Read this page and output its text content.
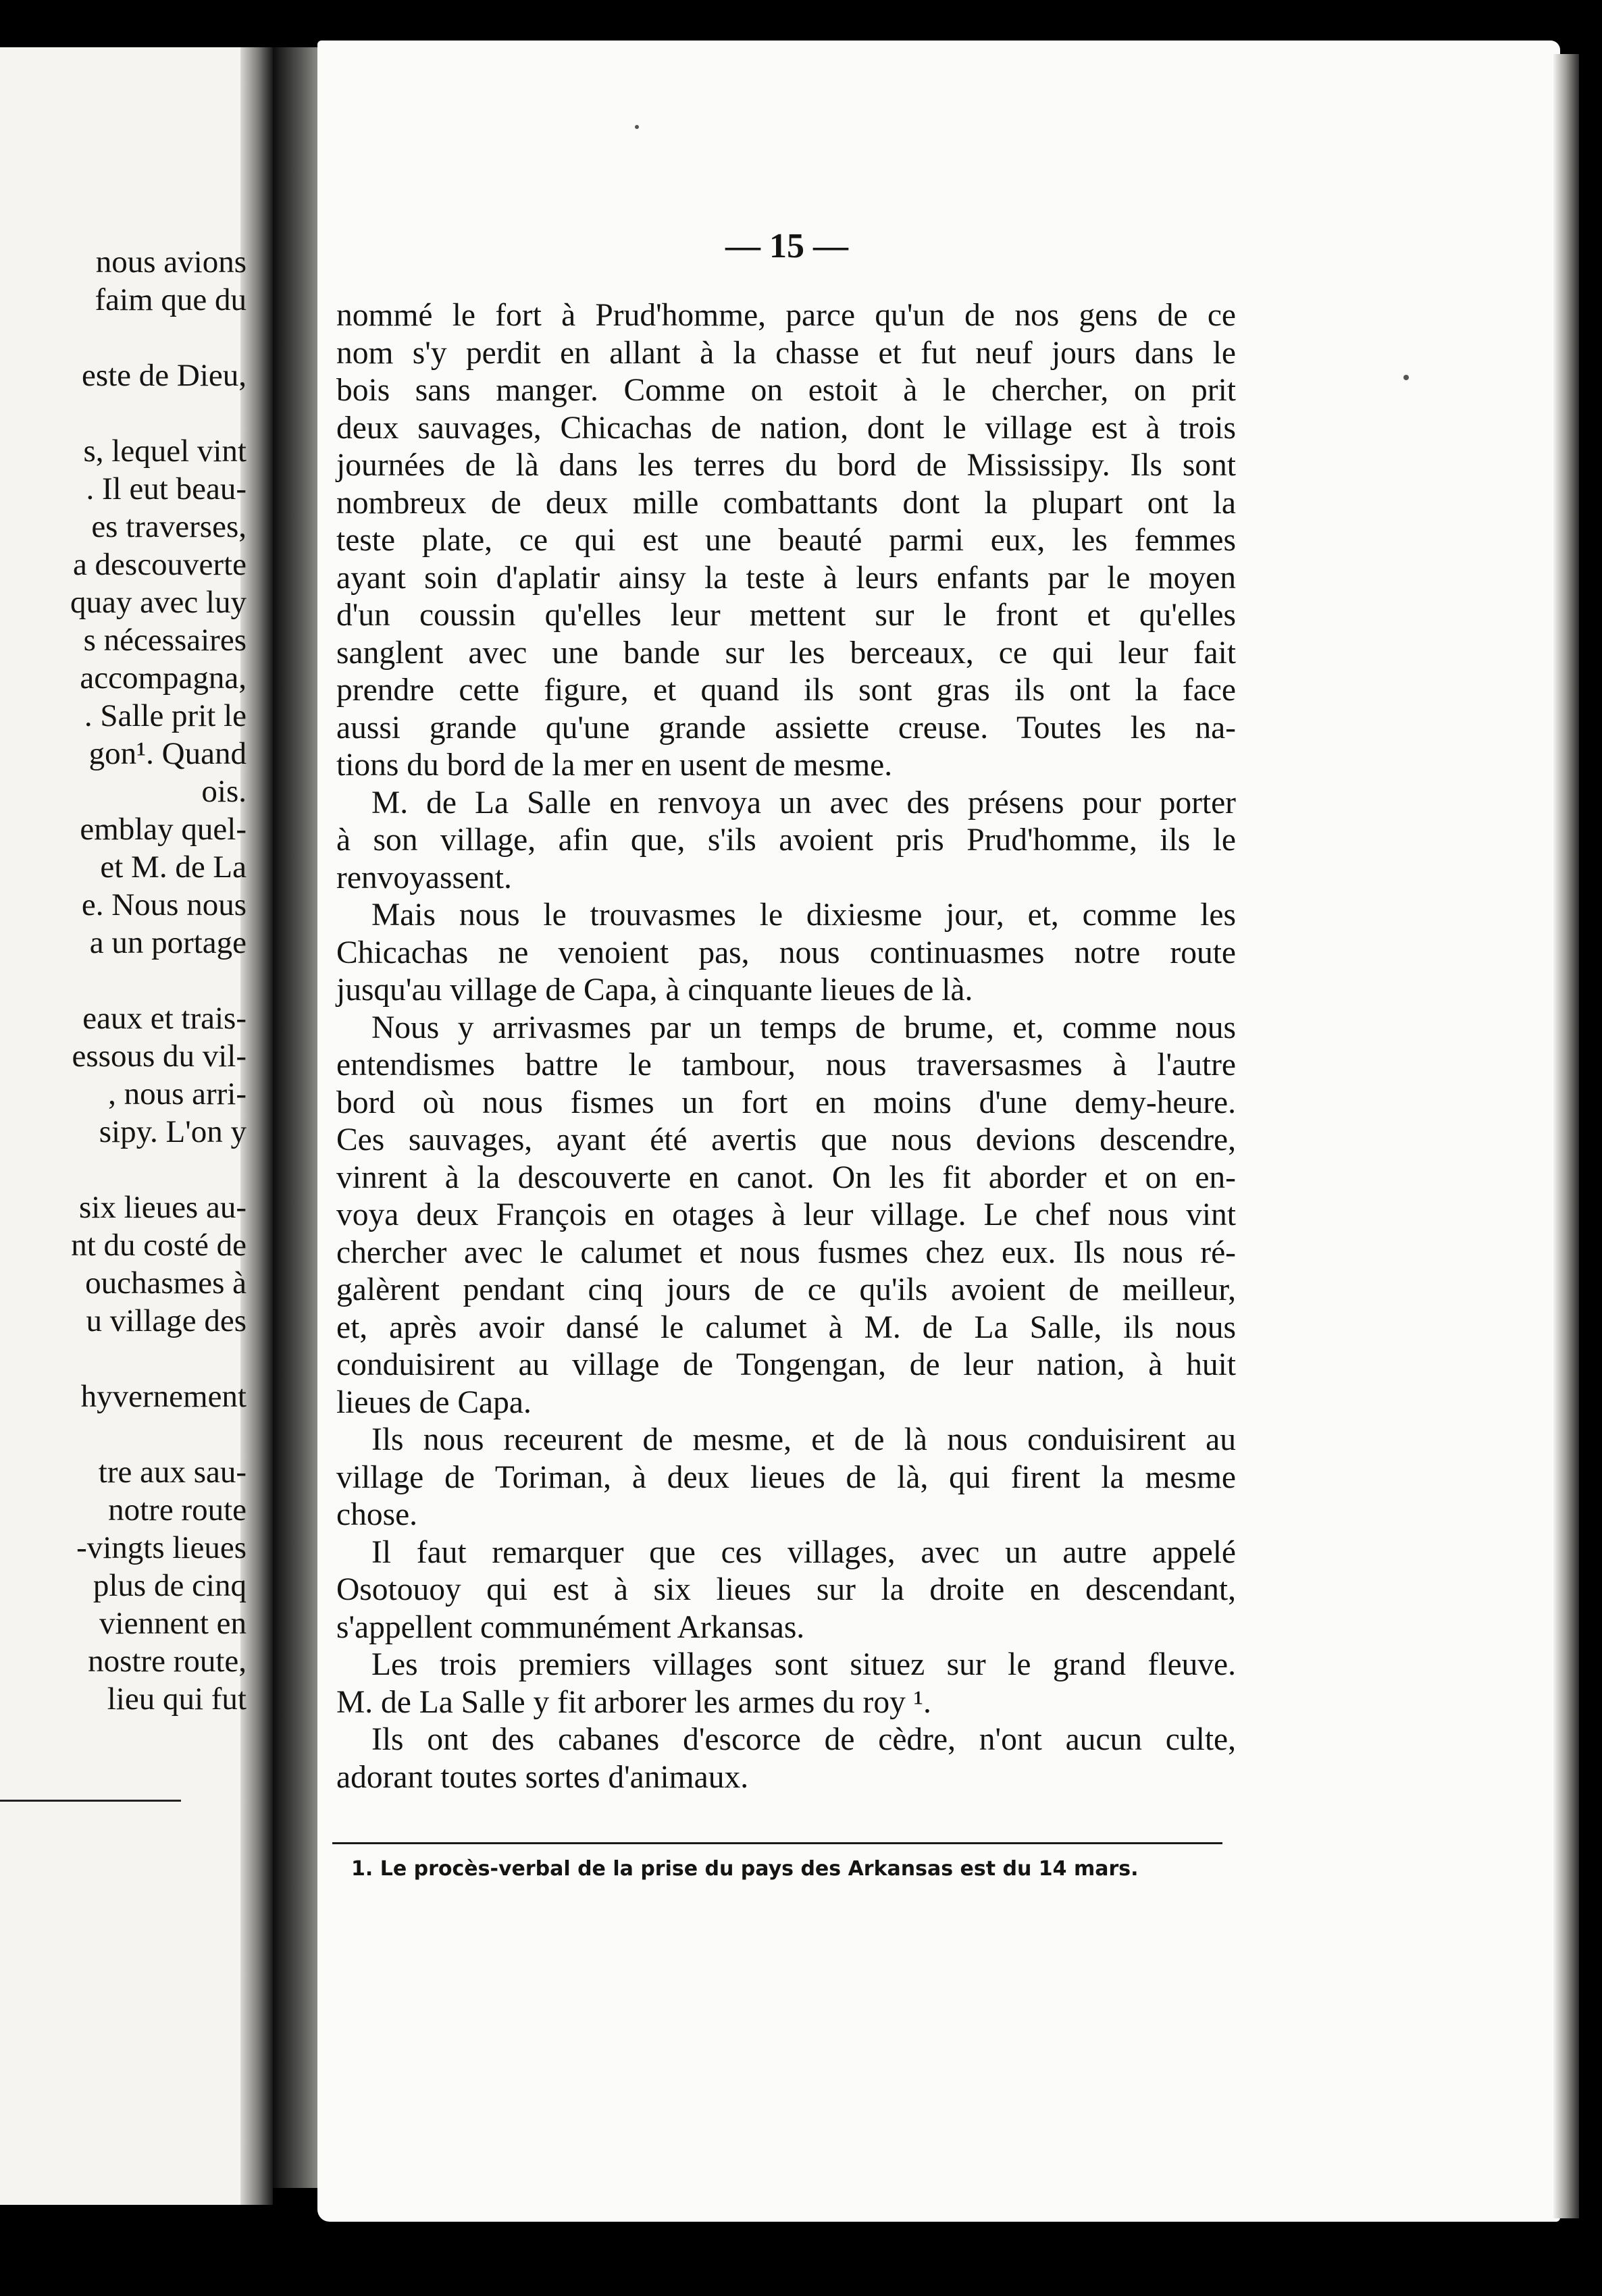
nous avions
faim que du
este de Dieu,
s, lequel vint
. Il eut beau-
es traverses,
a descouverte
quay avec luy
s nécessaires
accompagna,
. Salle prit le
gon¹. Quand
ois.
emblay quel-
et M. de La
e. Nous nous
a un portage
eaux et trais-
essous du vil-
, nous arri-
sipy. L'on y
six lieues au-
nt du costé de
ouchasmes à
u village des
hyvernement
tre aux sau-
notre route
-vingts lieues
plus de cinq
viennent en
nostre route,
lieu qui fut
— 15 —
nommé le fort à Prud'homme, parce qu'un de nos gens de ce
nom s'y perdit en allant à la chasse et fut neuf jours dans le
bois sans manger. Comme on estoit à le chercher, on prit
deux sauvages, Chicachas de nation, dont le village est à trois
journées de là dans les terres du bord de Mississipy. Ils sont
nombreux de deux mille combattants dont la plupart ont la
teste plate, ce qui est une beauté parmi eux, les femmes
ayant soin d'aplatir ainsy la teste à leurs enfants par le moyen
d'un coussin qu'elles leur mettent sur le front et qu'elles
sanglent avec une bande sur les berceaux, ce qui leur fait
prendre cette figure, et quand ils sont gras ils ont la face
aussi grande qu'une grande assiette creuse. Toutes les na-
tions du bord de la mer en usent de mesme.
M. de La Salle en renvoya un avec des présens pour porter
à son village, afin que, s'ils avoient pris Prud'homme, ils le
renvoyassent.
Mais nous le trouvasmes le dixiesme jour, et, comme les
Chicachas ne venoient pas, nous continuasmes notre route
jusqu'au village de Capa, à cinquante lieues de là.
Nous y arrivasmes par un temps de brume, et, comme nous
entendismes battre le tambour, nous traversasmes à l'autre
bord où nous fismes un fort en moins d'une demy-heure.
Ces sauvages, ayant été avertis que nous devions descendre,
vinrent à la descouverte en canot. On les fit aborder et on en-
voya deux François en otages à leur village. Le chef nous vint
chercher avec le calumet et nous fusmes chez eux. Ils nous ré-
galèrent pendant cinq jours de ce qu'ils avoient de meilleur,
et, après avoir dansé le calumet à M. de La Salle, ils nous
conduisirent au village de Tongengan, de leur nation, à huit
lieues de Capa.
Ils nous receurent de mesme, et de là nous conduisirent au
village de Toriman, à deux lieues de là, qui firent la mesme
chose.
Il faut remarquer que ces villages, avec un autre appelé
Osotouoy qui est à six lieues sur la droite en descendant,
s'appellent communément Arkansas.
Les trois premiers villages sont situez sur le grand fleuve.
M. de La Salle y fit arborer les armes du roy ¹.
Ils ont des cabanes d'escorce de cèdre, n'ont aucun culte,
adorant toutes sortes d'animaux.
1. Le procès-verbal de la prise du pays des Arkansas est du 14 mars.
